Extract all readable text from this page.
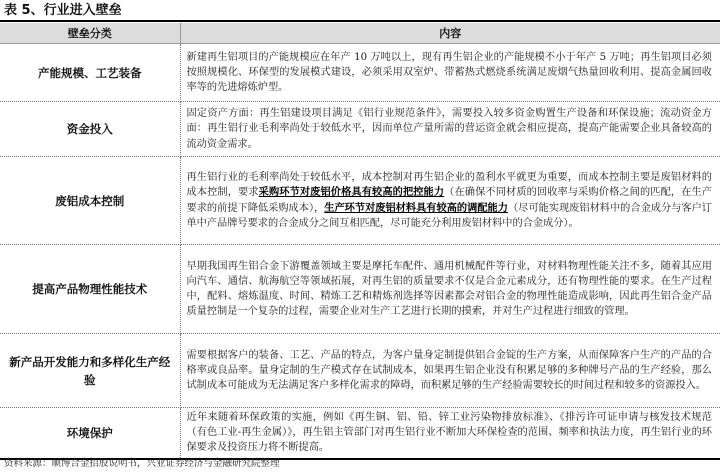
表 5、行业进入壁垒
壁垒分类	内容
产能规模、工艺装备	新建再生铝项目的产能规模应在年产 10 万吨以上，现有再生铝企业的产能规模不小于年产 5 万吨；再生铝项目必须按照规模化、环保型的发展模式建设，必须采用双室炉、带蓄热式燃烧系统满足废烟气热量回收利用、提高金属回收率等的先进熔炼炉型。
资金投入	固定资产方面：再生铝建设项目满足《铝行业规范条件》，需要投入较多资金购置生产设备和环保设施；流动资金方面：再生铝行业毛利率尚处于较低水平，因而单位产量所需的营运资金就会相应提高，提高产能需要企业具备较高的流动资金需求。
废铝成本控制	再生铝行业的毛利率尚处于较低水平，成本控制对再生铝企业的盈利水平就更为重要，而成本控制主要是废铝材料的成本控制，要求采购环节对废铝价格具有较高的把控能力（在确保不同材质的回收率与采购价格之间的匹配，在生产要求的前提下降低采购成本），生产环节对废铝材料具有较高的调配能力（尽可能实现废铝材料中的合金成分与客户订单中产品牌号要求的合金成分之间互相匹配，尽可能充分利用废铝材料中的合金成分）。
提高产品物理性能技术	早期我国再生铝合金下游覆盖领域主要是摩托车配件、通用机械配件等行业，对材料物理性能关注不多，随着其应用向汽车、通信、航海航空等领域拓展，对再生铝的质量要求不仅是合金元素成分，还有物理性能的要求。在生产过程中，配料、熔炼温度、时间、精炼工艺和精炼剂选择等因素都会对铝合金的物理性能造成影响，因此再生铝合金产品质量控制是一个复杂的过程，需要企业对生产工艺进行长期的摸索，并对生产过程进行细致的管理。
新产品开发能力和多样化生产经验	需要根据客户的装备、工艺、产品的特点，为客户量身定制提供铝合金锭的生产方案，从而保障客户生产的产品的合格率或良品率。量身定制的生产模式存在试制成本，如果再生铝企业没有积累足够的多种牌号产品的生产经验，那么试制成本可能成为无法满足客户多样化需求的障碍，而积累足够的生产经验需要较长的时间过程和较多的资源投入。
环境保护	近年来随着环保政策的实施，例如《再生铜、铝、铅、锌工业污染物排放标准》、《排污许可证申请与核发技术规范（有色工业-再生金属）》，再生铝主管部门对再生铝行业不断加大环保检查的范围、频率和执法力度，再生铝行业的环保要求及投资压力将不断提高。
资料来源：顺博合金招股说明书，兴业证券经济与金融研究院整理
